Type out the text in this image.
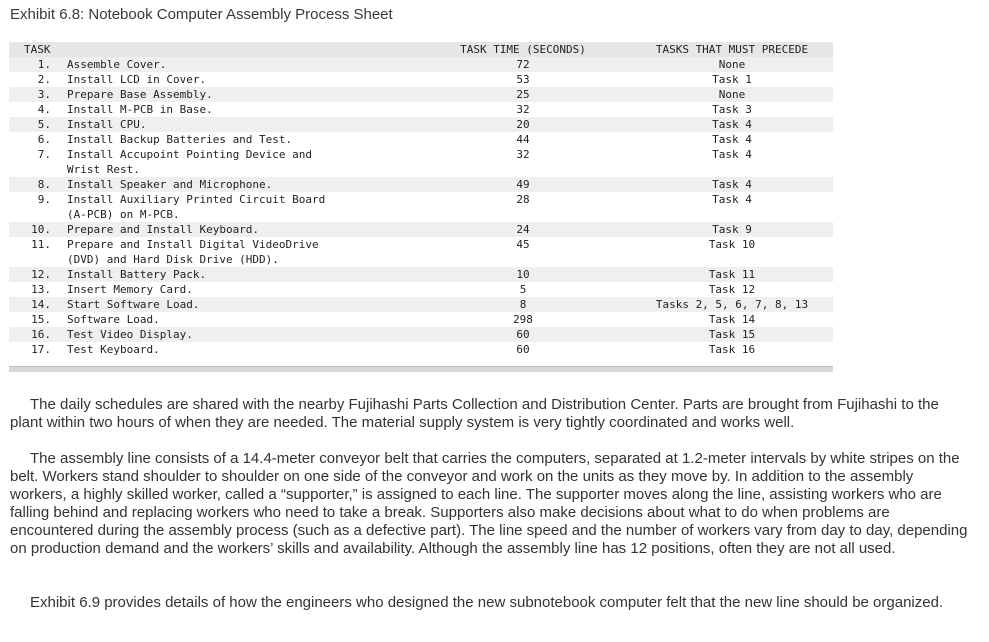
Exhibit 6.8: Notebook Computer Assembly Process Sheet
TASK	TASK TIME (SECONDS)	TASKS THAT MUST PRECEDE
1. Assemble Cover.	72	None
2. Install LCD in Cover.	53	Task 1
3. Prepare Base Assembly.	25	None
4. Install M-PCB in Base.	32	Task 3
5. Install CPU.	20	Task 4
6. Install Backup Batteries and Test.	44	Task 4
7. Install Accupoint Pointing Device and
Wrist Rest.
32	Task 4
8. Install Speaker and Microphone.	49	Task 4
9. Install Auxiliary Printed Circuit Board
(A-PCB) on M-PCB.
28	Task 4
10. Prepare and Install Keyboard.	24	Task 9
11. Prepare and Install Digital VideoDrive
(DVD) and Hard Disk Drive (HDD).
45	Task 10
12. Install Battery Pack.	10	Task 11
13. Insert Memory Card.	5	Task 12
14. Start Software Load.	8	Tasks 2, 5, 6, 7, 8, 13
15. Software Load.	298	Task 14
16. Test Video Display.	60	Task 15
17. Test Keyboard.	60	Task 16
The daily schedules are shared with the nearby Fujihashi Parts Collection and Distribution Center. Parts are brought from Fujihashi to the plant within two hours of when they are needed. The material supply system is very tightly coordinated and works well.
The assembly line consists of a 14.4-meter conveyor belt that carries the computers, separated at 1.2-meter intervals by white stripes on the belt. Workers stand shoulder to shoulder on one side of the conveyor and work on the units as they move by. In addition to the assembly workers, a highly skilled worker, called a “supporter,” is assigned to each line. The supporter moves along the line, assisting workers who are falling behind and replacing workers who need to take a break. Supporters also make decisions about what to do when problems are encountered during the assembly process (such as a defective part). The line speed and the number of workers vary from day to day, depending on production demand and the workers’ skills and availability. Although the assembly line has 12 positions, often they are not all used.
Exhibit 6.9 provides details of how the engineers who designed the new subnotebook computer felt that the new line should be organized.
